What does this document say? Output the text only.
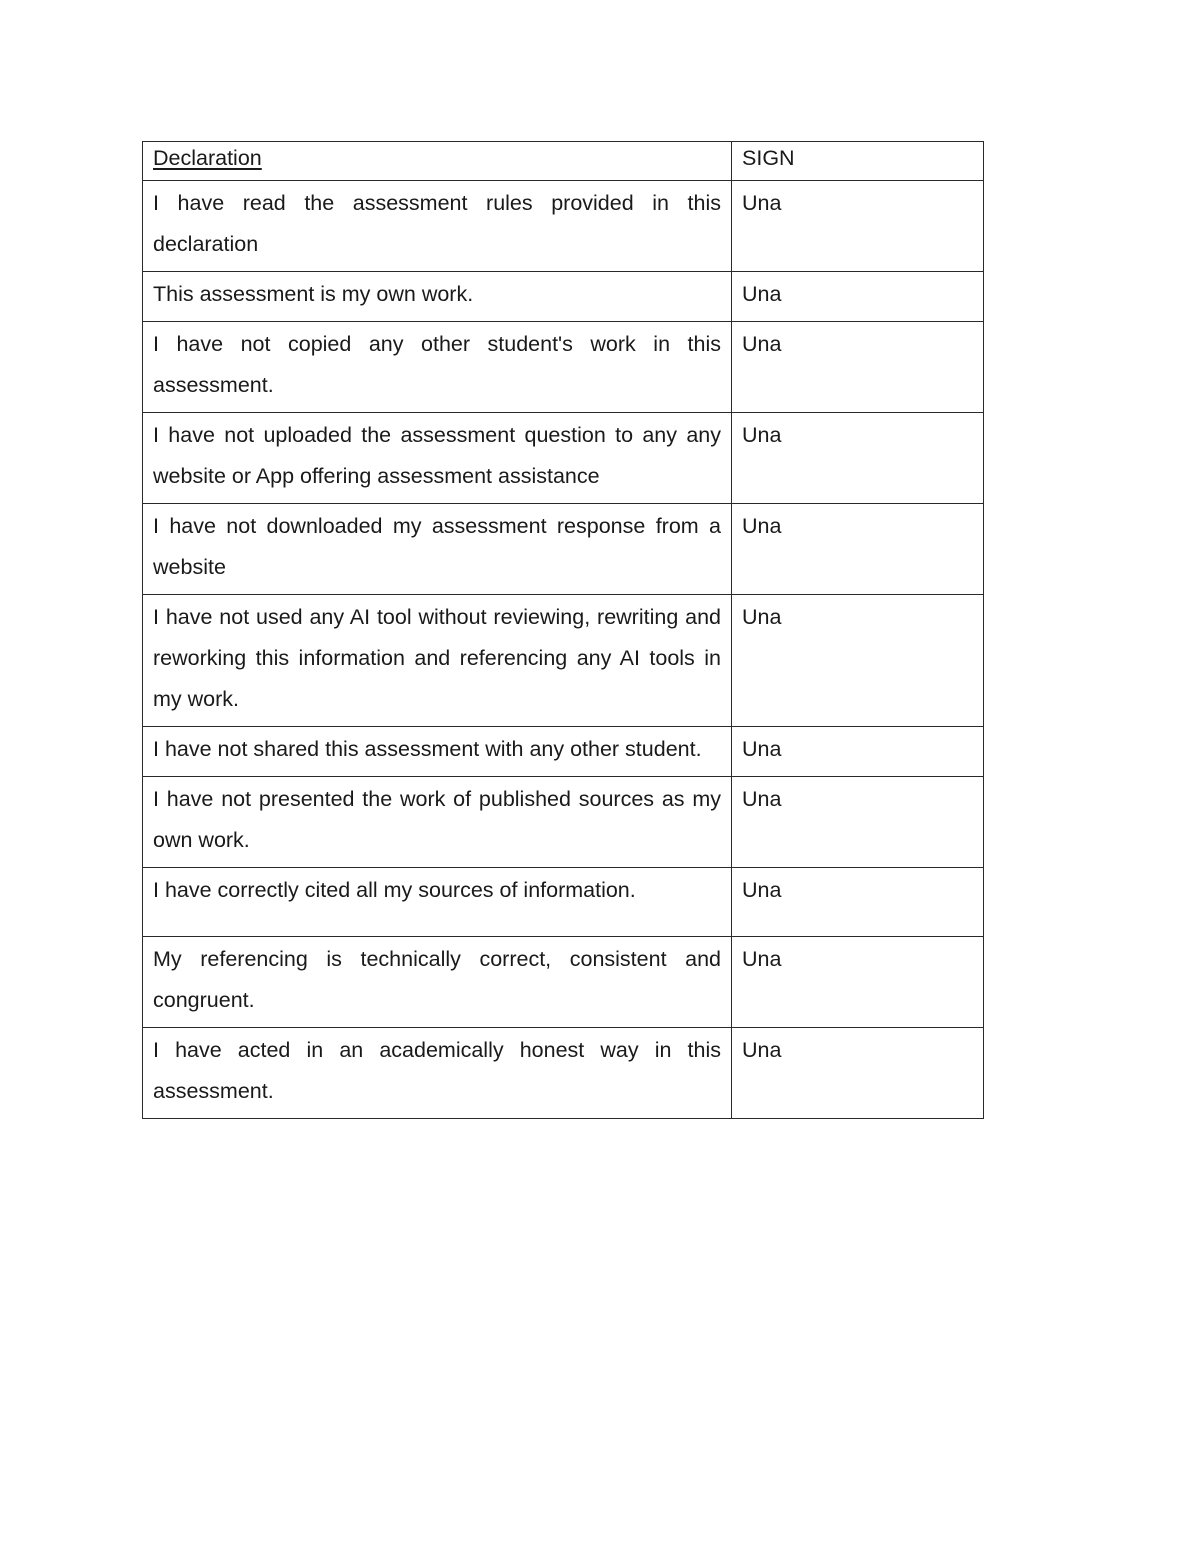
Declaration	SIGN
I have read the assessment rules provided in this declaration	Una
This assessment is my own work.	Una
I have not copied any other student's work in this assessment.	Una
I have not uploaded the assessment question to any any website or App offering assessment assistance	Una
I have not downloaded my assessment response from a website	Una
I have not used any AI tool without reviewing, rewriting and reworking this information and referencing any AI tools in my work.	Una
I have not shared this assessment with any other student.	Una
I have not presented the work of published sources as my own work.	Una
I have correctly cited all my sources of information.	Una
My referencing is technically correct, consistent and congruent.	Una
I have acted in an academically honest way in this assessment.	Una
